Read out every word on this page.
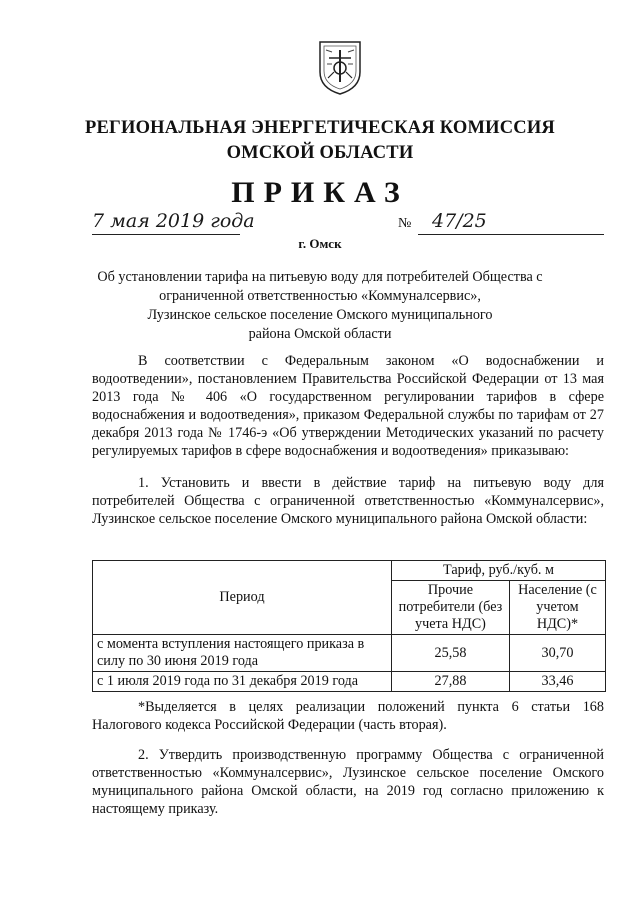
РЕГИОНАЛЬНАЯ ЭНЕРГЕТИЧЕСКАЯ КОМИССИЯ
ОМСКОЙ ОБЛАСТИ
ПРИКАЗ
7 мая 2019 года	№ 47/25
г. Омск
Об установлении тарифа на питьевую воду для потребителей Общества с
ограниченной ответственностью «Коммуналсервис»,
Лузинское сельское поселение Омского муниципального
района Омской области
В соответствии с Федеральным законом «О водоснабжении и водоотведении», постановлением Правительства Российской Федерации от 13 мая 2013 года № 406 «О государственном регулировании тарифов в сфере водоснабжения и водоотведения», приказом Федеральной службы по тарифам от 27 декабря 2013 года № 1746-э «Об утверждении Методических указаний по расчету регулируемых тарифов в сфере водоснабжения и водоотведения» приказываю:
1. Установить и ввести в действие тариф на питьевую воду для потребителей Общества с ограниченной ответственностью «Коммуналсервис», Лузинское сельское поселение Омского муниципального района Омской области:
Период	Тариф, руб./куб. м	
	Прочие потребители (без учета НДС)	Население (с учетом НДС)*
с момента вступления настоящего приказа в силу по 30 июня 2019 года	25,58	30,70
с 1 июля 2019 года по 31 декабря 2019 года	27,88	33,46
*Выделяется в целях реализации положений пункта 6 статьи 168 Налогового кодекса Российской Федерации (часть вторая).
2. Утвердить производственную программу Общества с ограниченной ответственностью «Коммуналсервис», Лузинское сельское поселение Омского муниципального района Омской области, на 2019 год согласно приложению к настоящему приказу.
